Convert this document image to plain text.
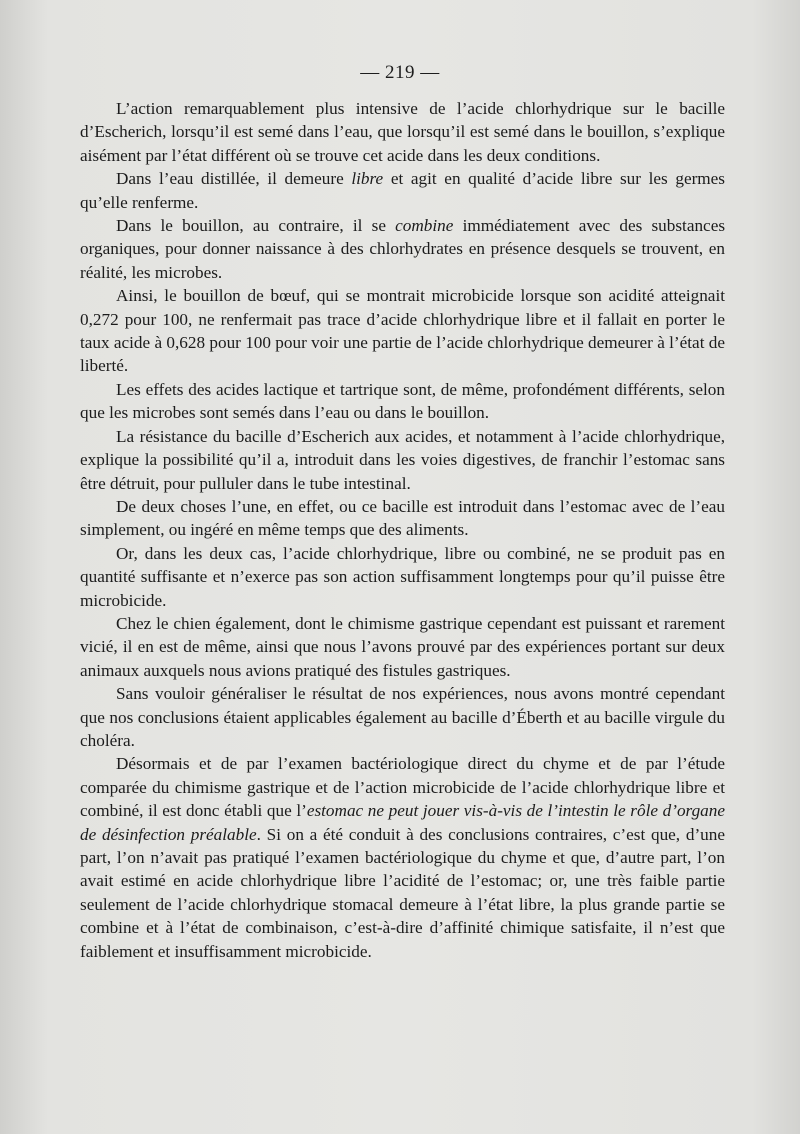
— 219 —

L’action remarquablement plus intensive de l’acide chlorhydrique sur le bacille d’Escherich, lorsqu’il est semé dans l’eau, que lorsqu’il est semé dans le bouillon, s’explique aisément par l’état différent où se trouve cet acide dans les deux conditions.

Dans l’eau distillée, il demeure libre et agit en qualité d’acide libre sur les germes qu’elle renferme.

Dans le bouillon, au contraire, il se combine immédiatement avec des substances organiques, pour donner naissance à des chlorhydrates en présence desquels se trouvent, en réalité, les microbes.

Ainsi, le bouillon de bœuf, qui se montrait microbicide lorsque son acidité atteignait 0,272 pour 100, ne renfermait pas trace d’acide chlorhydrique libre et il fallait en porter le taux acide à 0,628 pour 100 pour voir une partie de l’acide chlorhydrique demeurer à l’état de liberté.

Les effets des acides lactique et tartrique sont, de même, profondément différents, selon que les microbes sont semés dans l’eau ou dans le bouillon.

La résistance du bacille d’Escherich aux acides, et notamment à l’acide chlorhydrique, explique la possibilité qu’il a, introduit dans les voies digestives, de franchir l’estomac sans être détruit, pour pulluler dans le tube intestinal.

De deux choses l’une, en effet, ou ce bacille est introduit dans l’estomac avec de l’eau simplement, ou ingéré en même temps que des aliments.

Or, dans les deux cas, l’acide chlorhydrique, libre ou combiné, ne se produit pas en quantité suffisante et n’exerce pas son action suffisamment longtemps pour qu’il puisse être microbicide.

Chez le chien également, dont le chimisme gastrique cependant est puissant et rarement vicié, il en est de même, ainsi que nous l’avons prouvé par des expériences portant sur deux animaux auxquels nous avions pratiqué des fistules gastriques.

Sans vouloir généraliser le résultat de nos expériences, nous avons montré cependant que nos conclusions étaient applicables également au bacille d’Éberth et au bacille virgule du choléra.

Désormais et de par l’examen bactériologique direct du chyme et de par l’étude comparée du chimisme gastrique et de l’action microbicide de l’acide chlorhydrique libre et combiné, il est donc établi que l’estomac ne peut jouer vis-à-vis de l’intestin le rôle d’organe de désinfection préalable. Si on a été conduit à des conclusions contraires, c’est que, d’une part, l’on n’avait pas pratiqué l’examen bactériologique du chyme et que, d’autre part, l’on avait estimé en acide chlorhydrique libre l’acidité de l’estomac; or, une très faible partie seulement de l’acide chlorhydrique stomacal demeure à l’état libre, la plus grande partie se combine et à l’état de combinaison, c’est-à-dire d’affinité chimique satisfaite, il n’est que faiblement et insuffisamment microbicide.
